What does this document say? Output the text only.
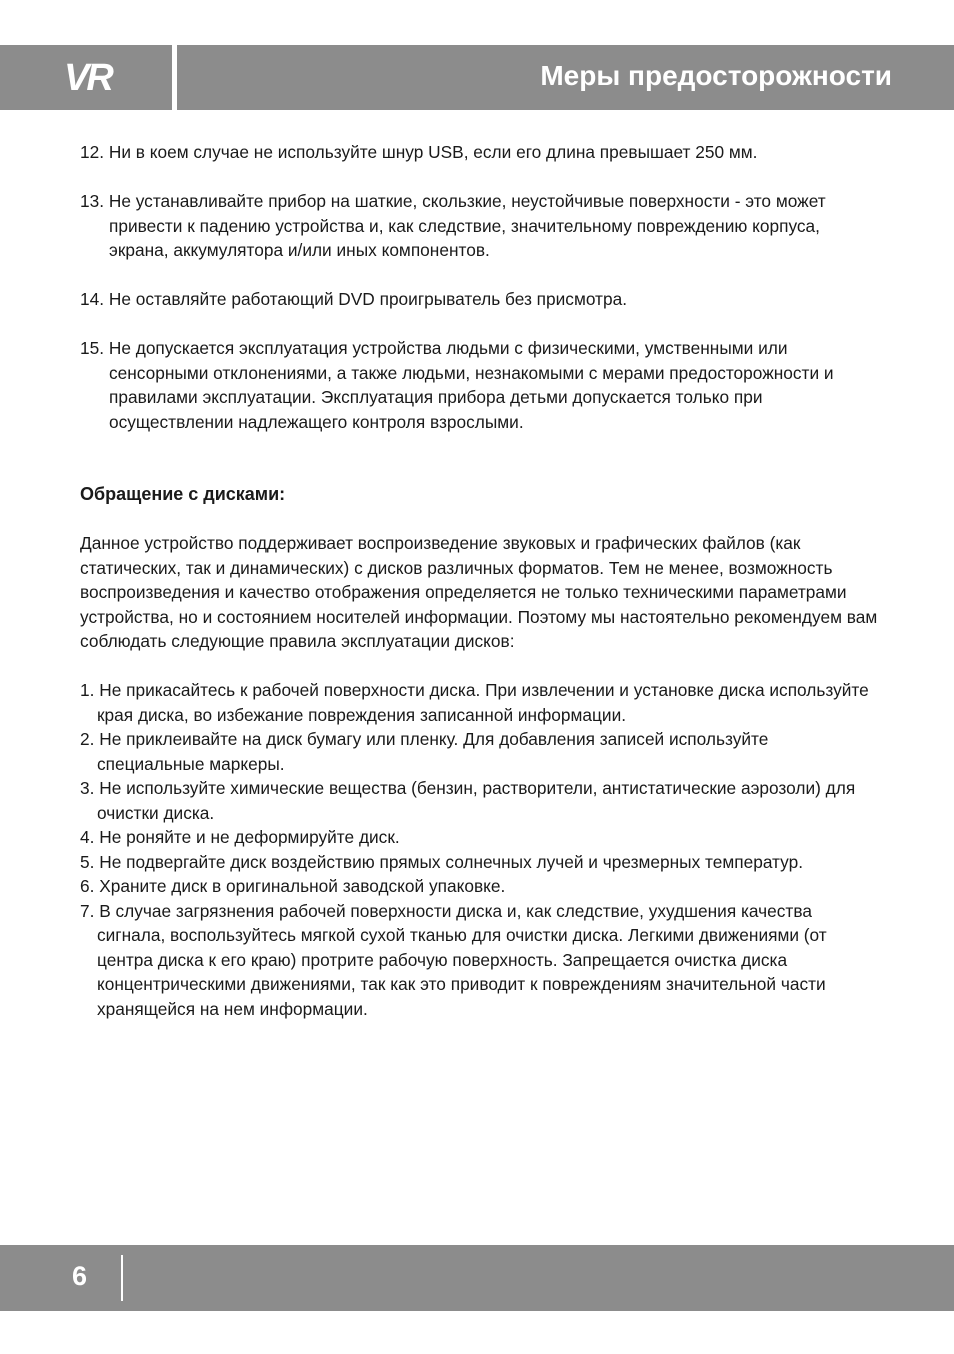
VR	Меры предосторожности

12. Ни в коем случае не используйте шнур USB, если его длина превышает 250 мм.

13. Не устанавливайте прибор на шаткие, скользкие, неустойчивые поверхности - это может привести к падению устройства и, как следствие, значительному повреждению корпуса, экрана, аккумулятора и/или иных компонентов.

14. Не оставляйте работающий DVD проигрыватель без присмотра.

15. Не допускается эксплуатация устройства людьми с физическими, умственными или сенсорными отклонениями, а также людьми, незнакомыми с мерами предосторожности и правилами эксплуатации. Эксплуатация прибора детьми допускается только при осуществлении надлежащего контроля взрослыми.

Обращение с дисками:

Данное устройство поддерживает воспроизведение звуковых и графических файлов (как статических, так и динамических) с дисков различных форматов. Тем не менее, возможность воспроизведения и качество отображения определяется не только техническими параметрами устройства, но и состоянием носителей информации. Поэтому мы настоятельно рекомендуем вам соблюдать следующие правила эксплуатации дисков:

1. Не прикасайтесь к рабочей поверхности диска. При извлечении и установке диска используйте края диска, во избежание повреждения записанной информации.

2. Не приклеивайте на диск бумагу или пленку. Для добавления записей используйте специальные маркеры.

3. Не используйте химические вещества (бензин, растворители, антистатические аэрозоли) для очистки диска.

4. Не роняйте и не деформируйте диск.

5. Не подвергайте диск воздействию прямых солнечных лучей и чрезмерных температур.

6. Храните диск в оригинальной заводской упаковке.

7. В случае загрязнения рабочей поверхности диска и, как следствие, ухудшения качества сигнала, воспользуйтесь мягкой сухой тканью для очистки диска. Легкими движениями (от центра диска к его краю) протрите рабочую поверхность. Запрещается очистка диска концентрическими движениями, так как это приводит к повреждениям значительной части хранящейся на нем информации.

6
